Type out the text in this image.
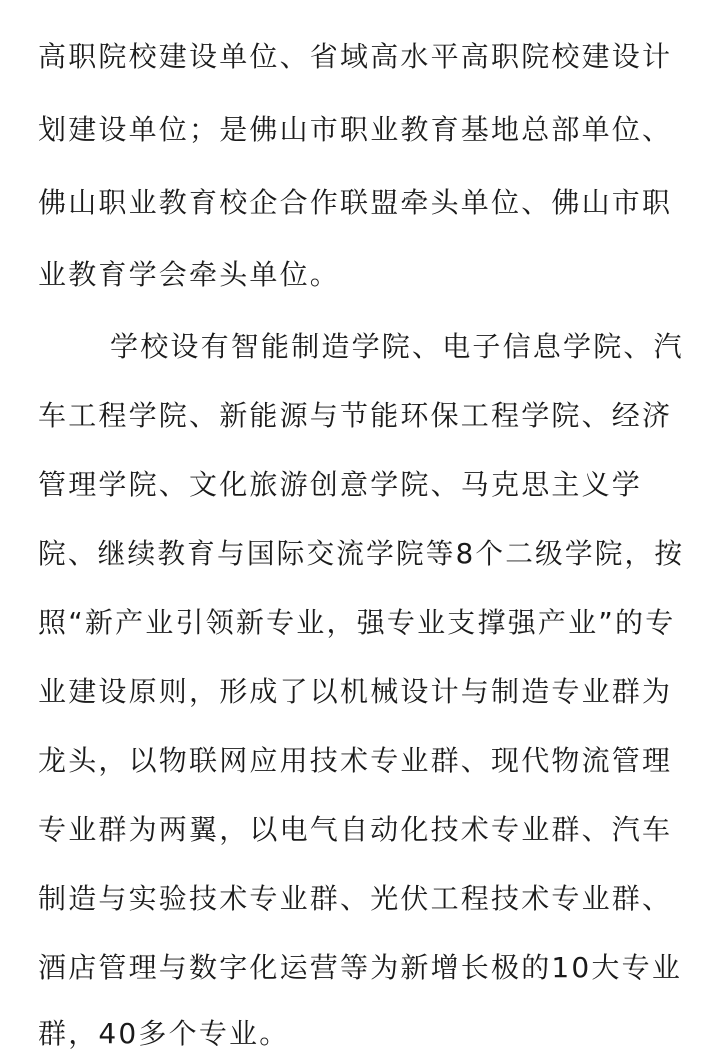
高职院校建设单位、省域高水平高职院校建设计
划建设单位；是佛山市职业教育基地总部单位、
佛山职业教育校企合作联盟牵头单位、佛山市职
业教育学会牵头单位。
学校设有智能制造学院、电子信息学院、汽
车工程学院、新能源与节能环保工程学院、经济
管理学院、文化旅游创意学院、马克思主义学
院、继续教育与国际交流学院等8个二级学院，按
照“新产业引领新专业，强专业支撑强产业”的专
业建设原则，形成了以机械设计与制造专业群为
龙头，以物联网应用技术专业群、现代物流管理
专业群为两翼，以电气自动化技术专业群、汽车
制造与实验技术专业群、光伏工程技术专业群、
酒店管理与数字化运营等为新增长极的10大专业
群，40多个专业。
